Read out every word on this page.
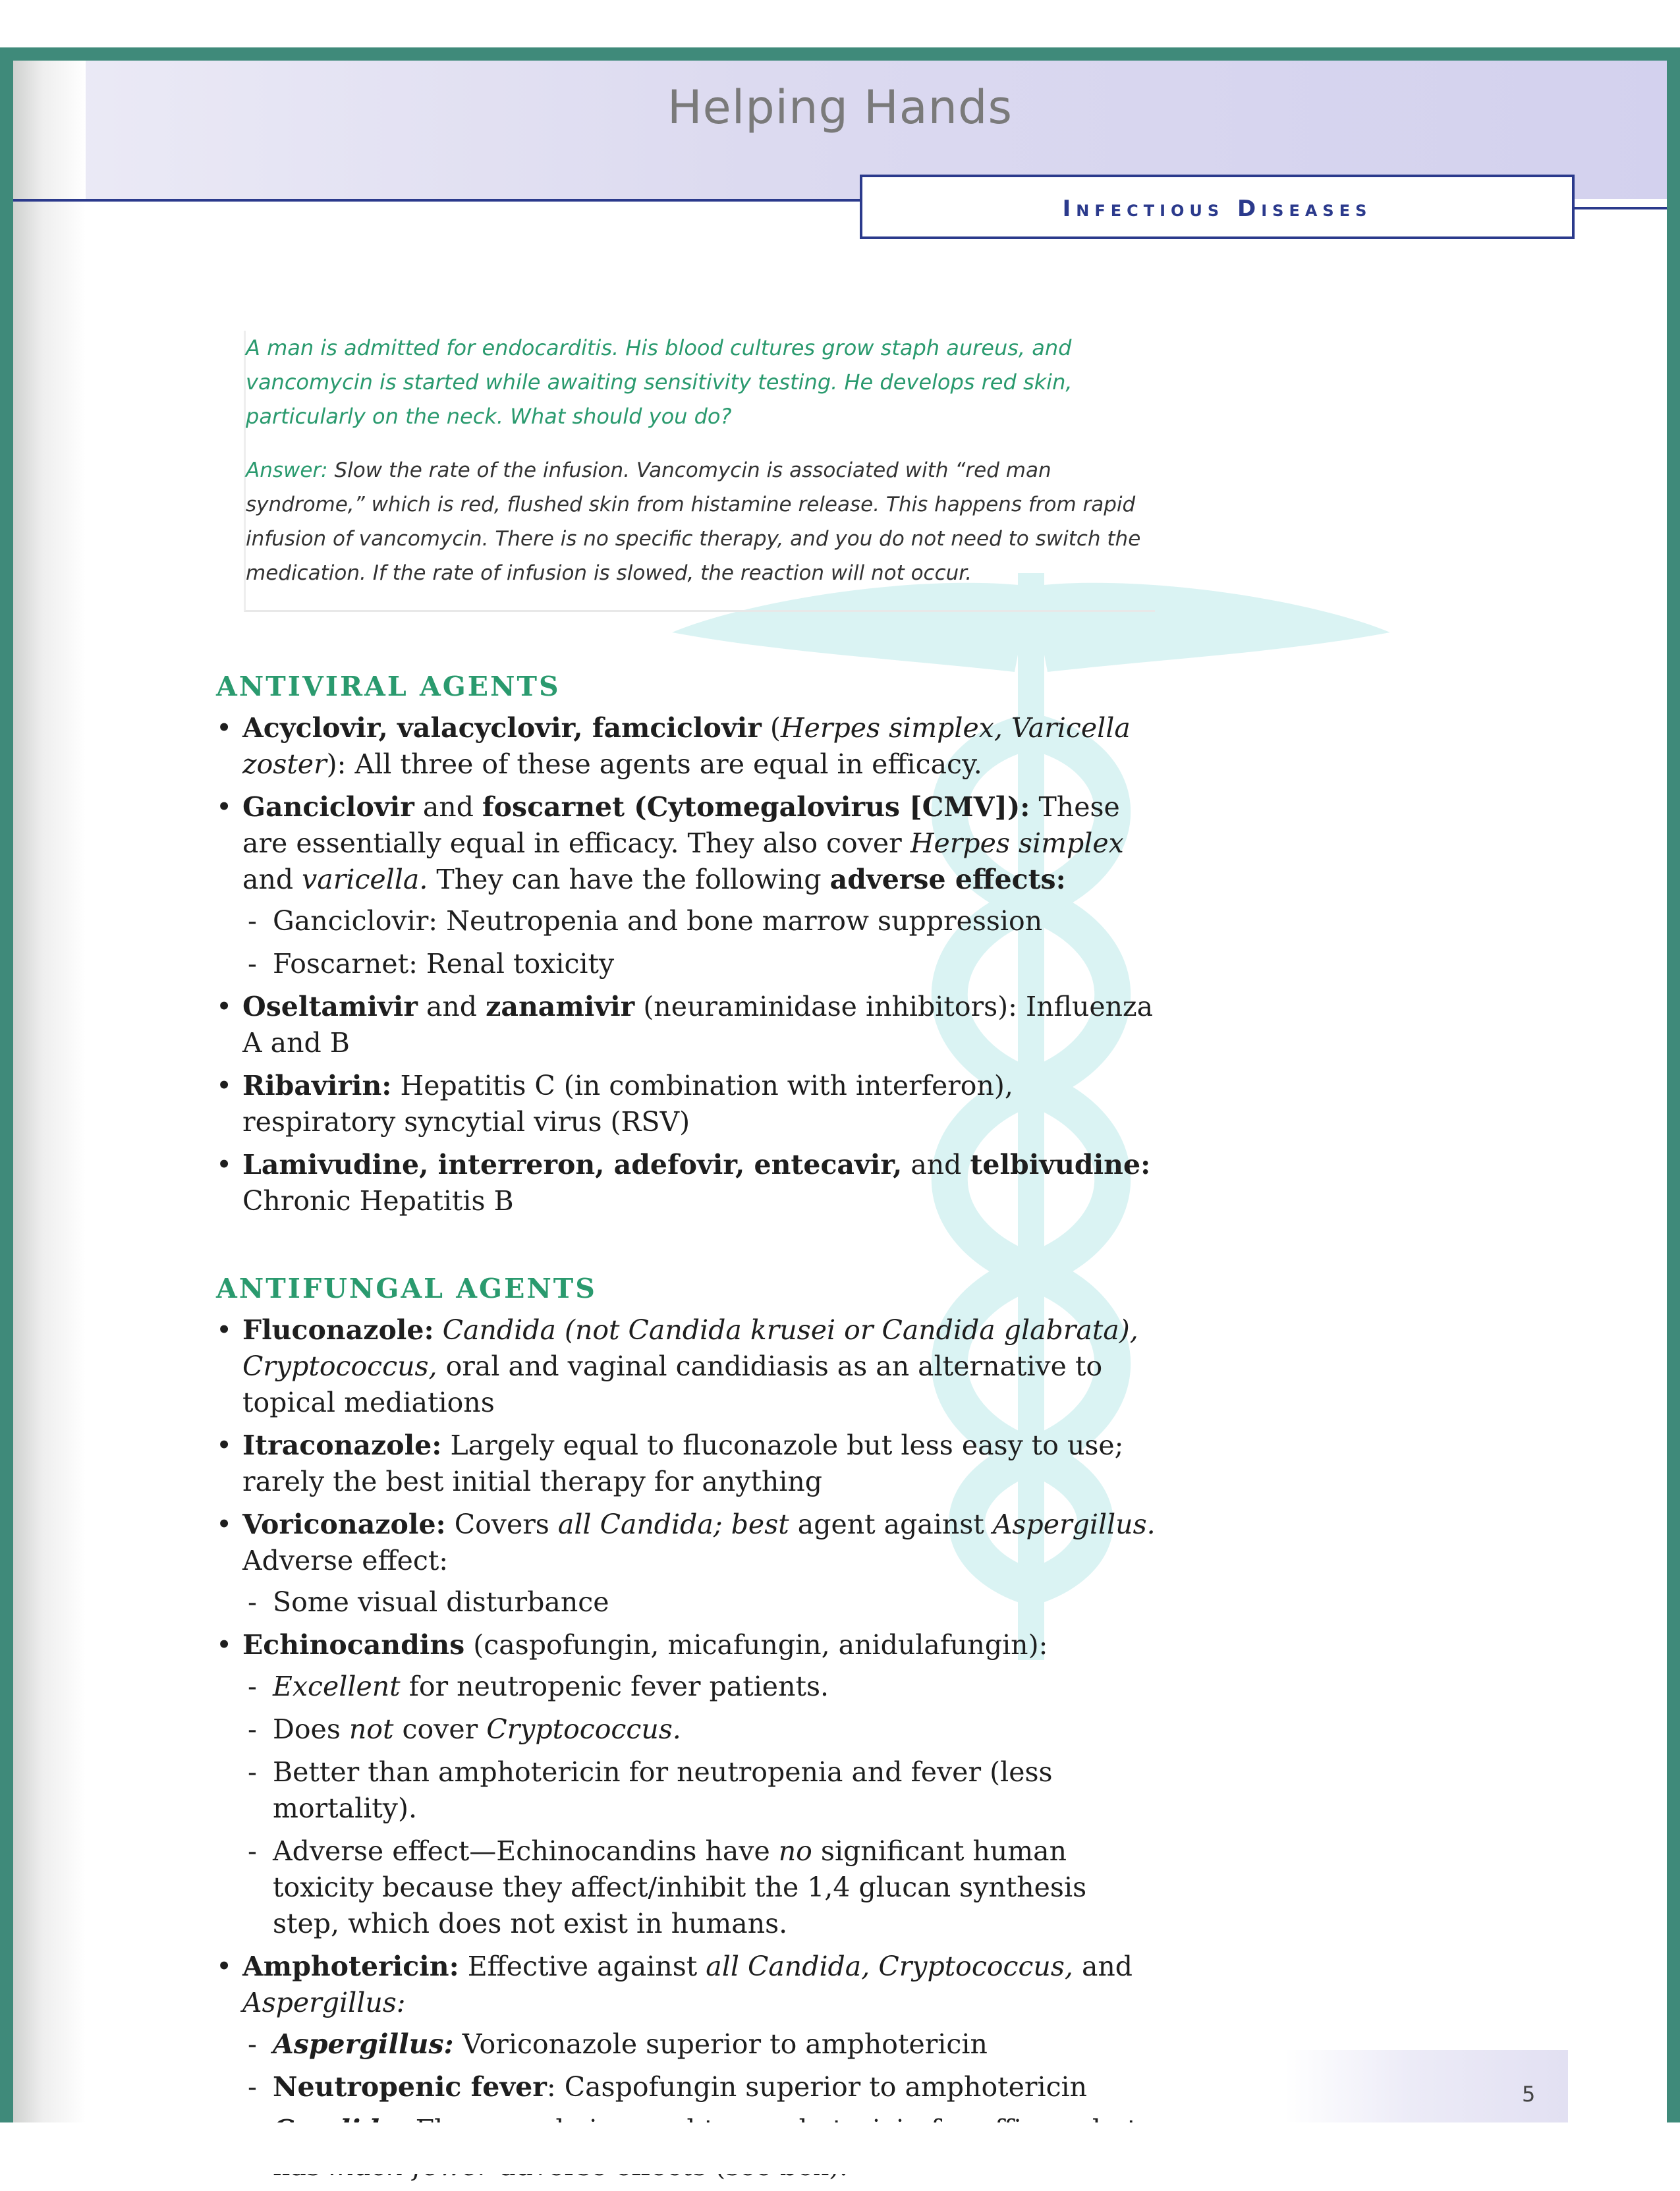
Helping Hands
Infectious Diseases

A man is admitted for endocarditis. His blood cultures grow staph aureus, and vancomycin is started while awaiting sensitivity testing. He develops red skin, particularly on the neck. What should you do?

Answer: Slow the rate of the infusion. Vancomycin is associated with “red man syndrome,” which is red, flushed skin from histamine release. This happens from rapid infusion of vancomycin. There is no specific therapy, and you do not need to switch the medication. If the rate of infusion is slowed, the reaction will not occur.

ANTIVIRAL AGENTS
• Acyclovir, valacyclovir, famciclovir (Herpes simplex, Varicella zoster): All three of these agents are equal in efficacy.
• Ganciclovir and foscarnet (Cytomegalovirus [CMV]): These are essentially equal in efficacy. They also cover Herpes simplex and varicella. They can have the following adverse effects:
- Ganciclovir: Neutropenia and bone marrow suppression
- Foscarnet: Renal toxicity
• Oseltamivir and zanamivir (neuraminidase inhibitors): Influenza A and B
• Ribavirin: Hepatitis C (in combination with interferon), respiratory syncytial virus (RSV)
• Lamivudine, interreron, adefovir, entecavir, and telbivudine: Chronic Hepatitis B
ANTIFUNGAL AGENTS
• Fluconazole: Candida (not Candida krusei or Candida glabrata), Cryptococcus, oral and vaginal candidiasis as an alternative to topical mediations
• Itraconazole: Largely equal to fluconazole but less easy to use; rarely the best initial therapy for anything
• Voriconazole: Covers all Candida; best agent against Aspergillus. Adverse effect:
- Some visual disturbance
• Echinocandins (caspofungin, micafungin, anidulafungin):
- Excellent for neutropenic fever patients.
- Does not cover Cryptococcus.
- Better than amphotericin for neutropenia and fever (less mortality).
- Adverse effect—Echinocandins have no significant human toxicity because they affect/inhibit the 1,4 glucan synthesis step, which does not exist in humans.
• Amphotericin: Effective against all Candida, Cryptococcus, and Aspergillus:
- Aspergillus: Voriconazole superior to amphotericin
- Neutropenic fever: Caspofungin superior to amphotericin
-	5
